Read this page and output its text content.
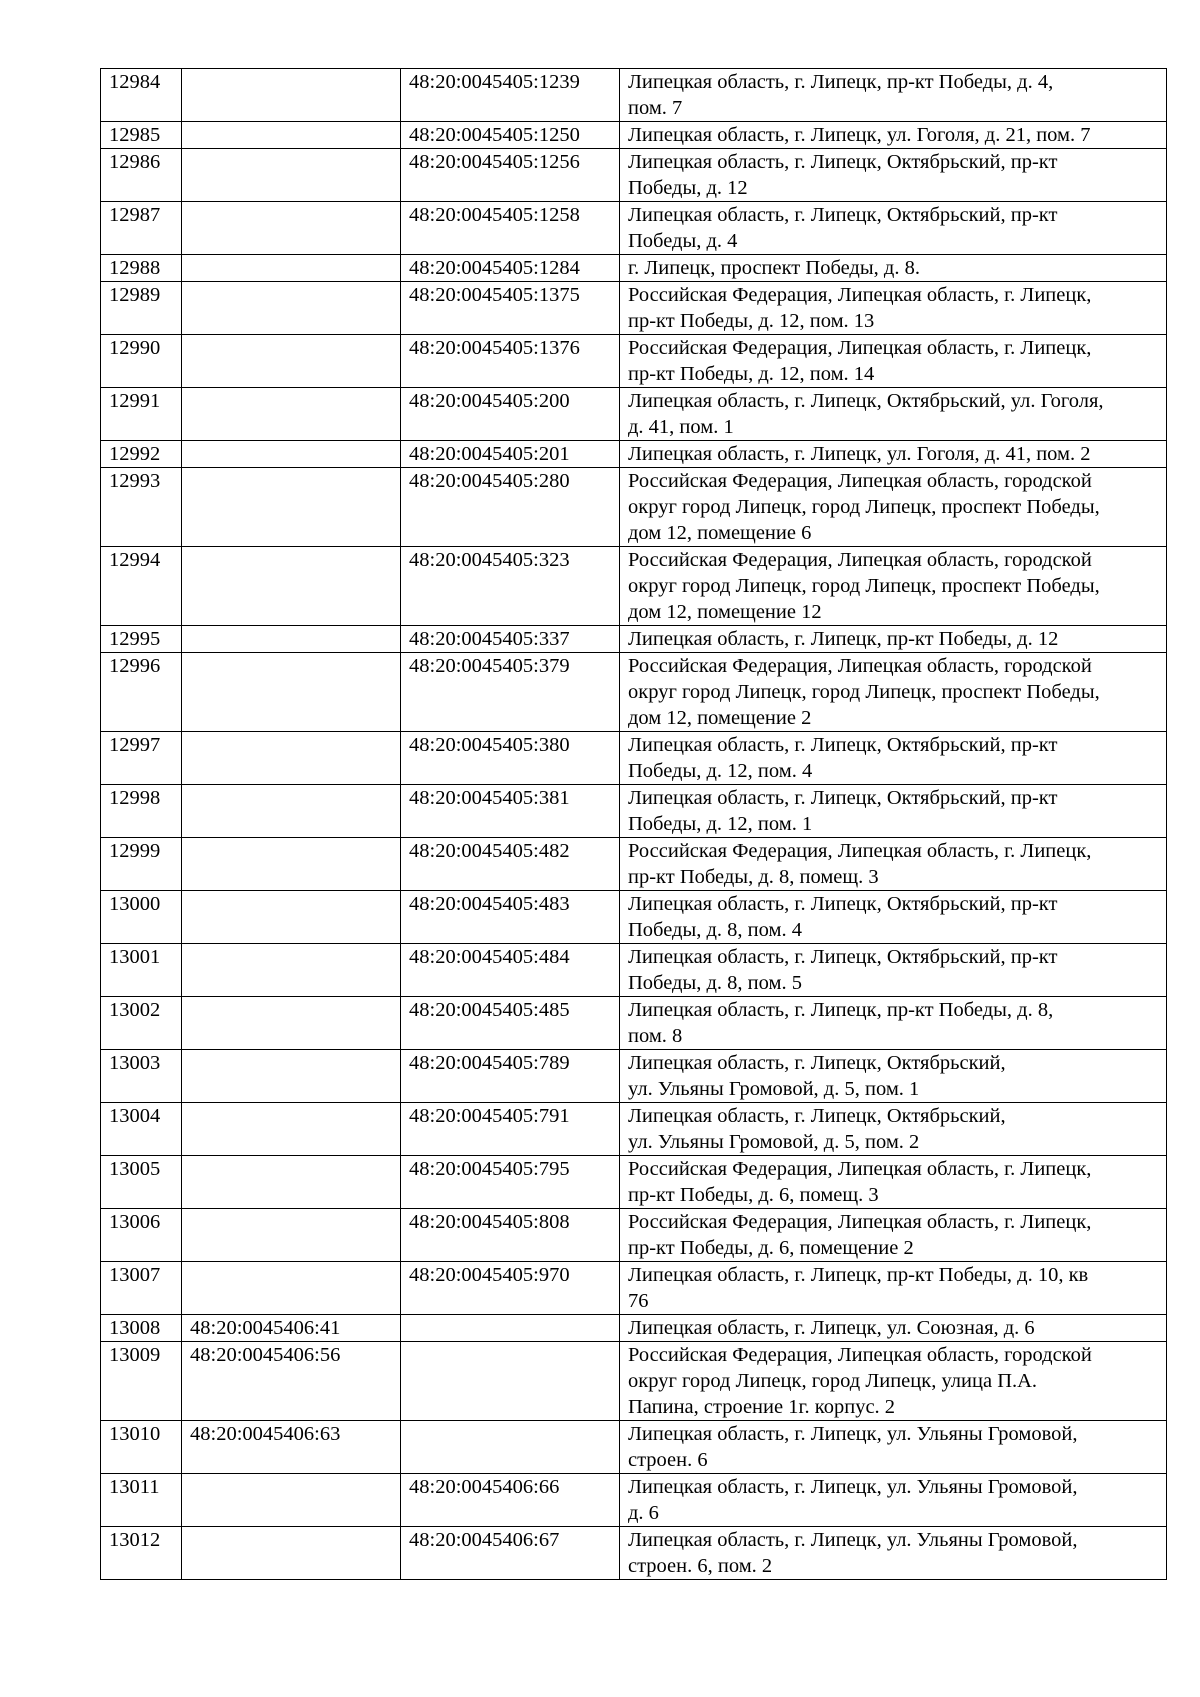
12984		48:20:0045405:1239	Липецкая область, г. Липецк, пр-кт Победы, д. 4,
пом. 7
12985		48:20:0045405:1250	Липецкая область, г. Липецк, ул. Гоголя, д. 21, пом. 7
12986		48:20:0045405:1256	Липецкая область, г. Липецк, Октябрьский, пр-кт
Победы, д. 12
12987		48:20:0045405:1258	Липецкая область, г. Липецк, Октябрьский, пр-кт
Победы, д. 4
12988		48:20:0045405:1284	г. Липецк, проспект Победы, д. 8.
12989		48:20:0045405:1375	Российская Федерация, Липецкая область, г. Липецк,
пр-кт Победы, д. 12, пом. 13
12990		48:20:0045405:1376	Российская Федерация, Липецкая область, г. Липецк,
пр-кт Победы, д. 12, пом. 14
12991		48:20:0045405:200	Липецкая область, г. Липецк, Октябрьский, ул. Гоголя,
д. 41, пом. 1
12992		48:20:0045405:201	Липецкая область, г. Липецк, ул. Гоголя, д. 41, пом. 2
12993		48:20:0045405:280	Российская Федерация, Липецкая область, городской
округ город Липецк, город Липецк, проспект Победы,
дом 12, помещение 6
12994		48:20:0045405:323	Российская Федерация, Липецкая область, городской
округ город Липецк, город Липецк, проспект Победы,
дом 12, помещение 12
12995		48:20:0045405:337	Липецкая область, г. Липецк, пр-кт Победы, д. 12
12996		48:20:0045405:379	Российская Федерация, Липецкая область, городской
округ город Липецк, город Липецк, проспект Победы,
дом 12, помещение 2
12997		48:20:0045405:380	Липецкая область, г. Липецк, Октябрьский, пр-кт
Победы, д. 12, пом. 4
12998		48:20:0045405:381	Липецкая область, г. Липецк, Октябрьский, пр-кт
Победы, д. 12, пом. 1
12999		48:20:0045405:482	Российская Федерация, Липецкая область, г. Липецк,
пр-кт Победы, д. 8, помещ. 3
13000		48:20:0045405:483	Липецкая область, г. Липецк, Октябрьский, пр-кт
Победы, д. 8, пом. 4
13001		48:20:0045405:484	Липецкая область, г. Липецк, Октябрьский, пр-кт
Победы, д. 8, пом. 5
13002		48:20:0045405:485	Липецкая область, г. Липецк, пр-кт Победы, д. 8,
пом. 8
13003		48:20:0045405:789	Липецкая область, г. Липецк, Октябрьский,
ул. Ульяны Громовой, д. 5, пом. 1
13004		48:20:0045405:791	Липецкая область, г. Липецк, Октябрьский,
ул. Ульяны Громовой, д. 5, пом. 2
13005		48:20:0045405:795	Российская Федерация, Липецкая область, г. Липецк,
пр-кт Победы, д. 6, помещ. 3
13006		48:20:0045405:808	Российская Федерация, Липецкая область, г. Липецк,
пр-кт Победы, д. 6, помещение 2
13007		48:20:0045405:970	Липецкая область, г. Липецк, пр-кт Победы, д. 10, кв
76
13008	48:20:0045406:41		Липецкая область, г. Липецк, ул. Союзная, д. 6
13009	48:20:0045406:56		Российская Федерация, Липецкая область, городской
округ город Липецк, город Липецк, улица П.А.
Папина, строение 1г. корпус. 2
13010	48:20:0045406:63		Липецкая область, г. Липецк, ул. Ульяны Громовой,
строен. 6
13011		48:20:0045406:66	Липецкая область, г. Липецк, ул. Ульяны Громовой,
д. 6
13012		48:20:0045406:67	Липецкая область, г. Липецк, ул. Ульяны Громовой,
строен. 6, пом. 2
